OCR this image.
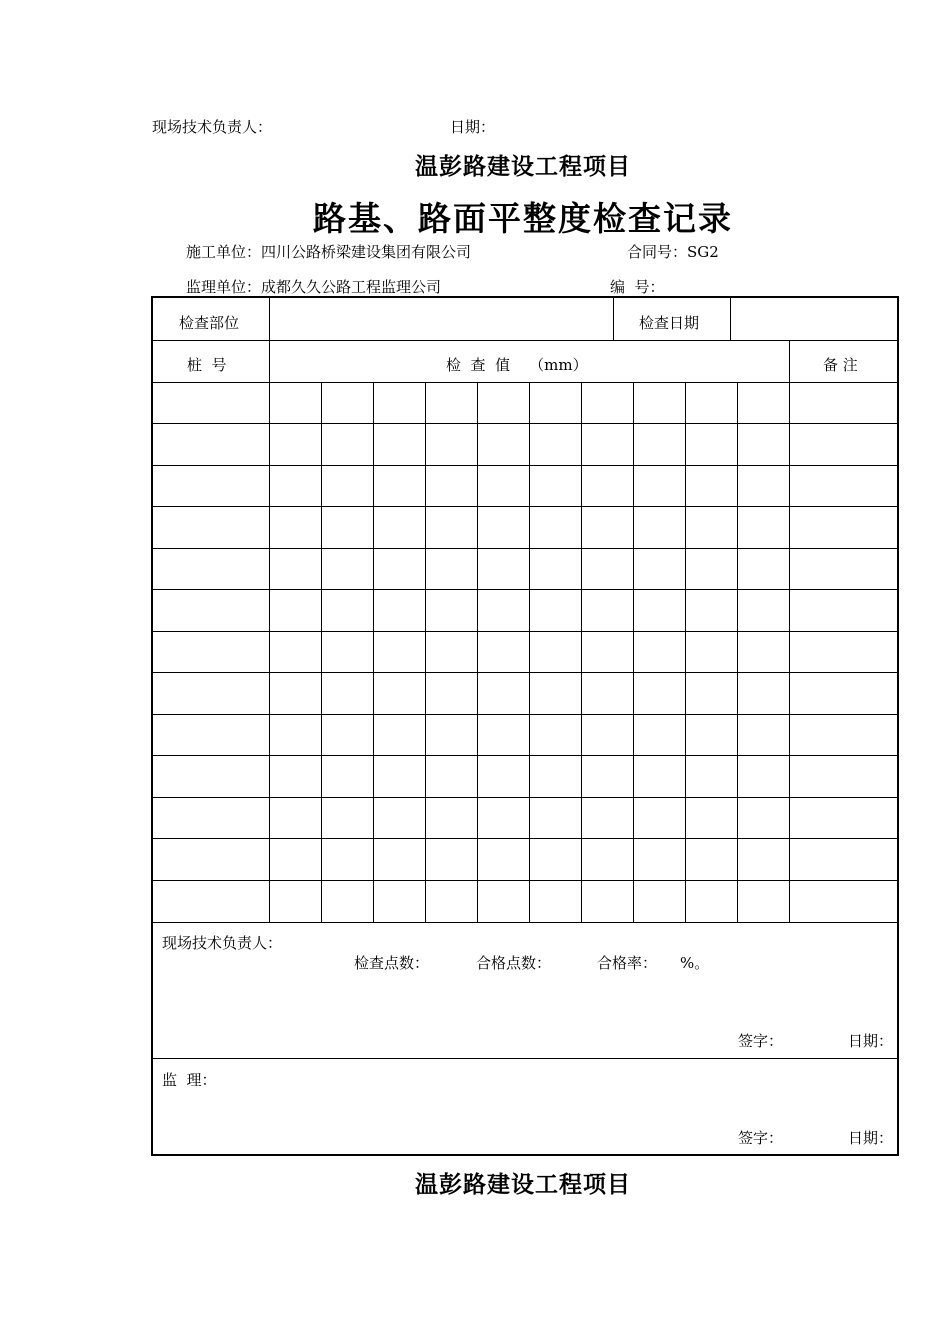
现场技术负责人：	日期：
温彭路建设工程项目
路基、路面平整度检查记录
施工单位：四川公路桥梁建设集团有限公司	合同号：SG2
监理单位：成都久久公路工程监理公司	编  号：
检查部位	检查日期
桩  号	检  查  值    （mm）	备 注
现场技术负责人：
检查点数：	合格点数：	合格率： %。
签字：	日期：
监  理：
签字：	日期：
温彭路建设工程项目
